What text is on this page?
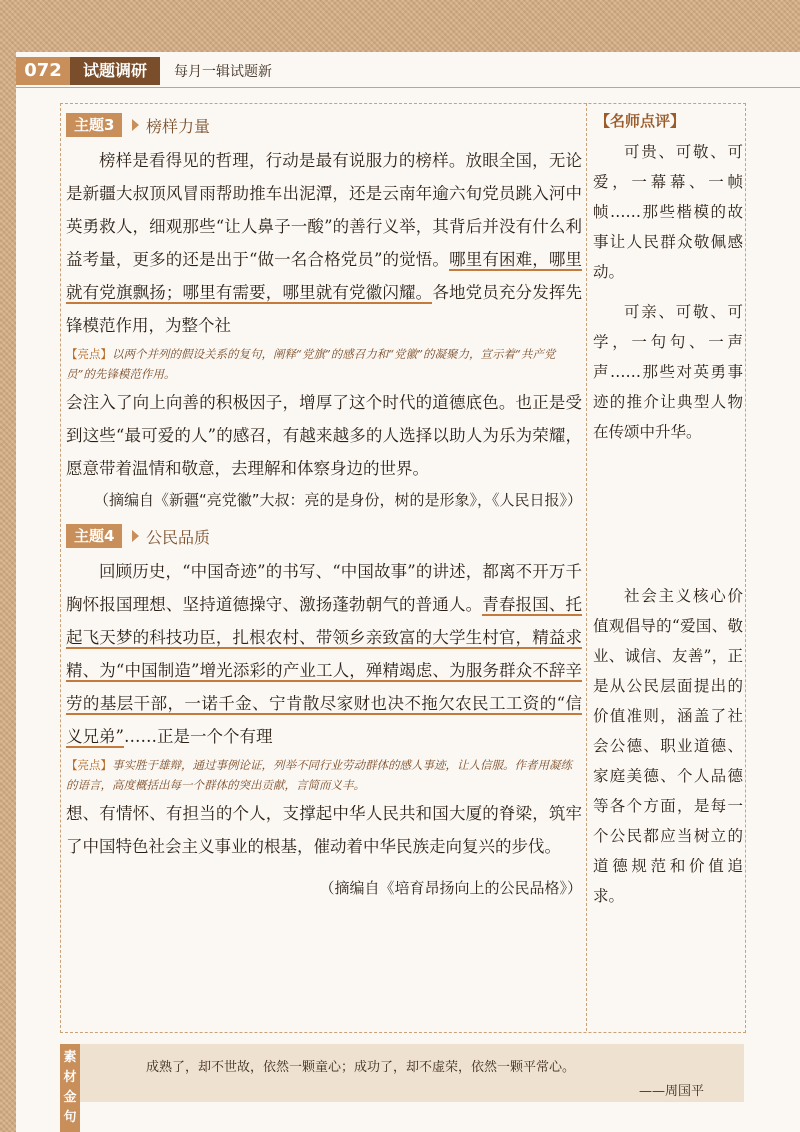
072	试题调研	每月一辑试题新
主题3	榜样力量

榜样是看得见的哲理，行动是最有说服力的榜样。放眼全国，无论是新疆大叔顶风冒雨帮助推车出泥潭，还是云南年逾六旬党员跳入河中英勇救人，细观那些“让人鼻子一酸”的善行义举，其背后并没有什么利益考量，更多的还是出于“做一名合格党员”的觉悟。哪里有困难，哪里就有党旗飘扬；哪里有需要，哪里就有党徽闪耀。各地党员充分发挥先锋模范作用，为整个社

【亮点】以两个并列的假设关系的复句，阐释“党旗”的感召力和“党徽”的凝聚力，宣示着“共产党员”的先锋模范作用。

会注入了向上向善的积极因子，增厚了这个时代的道德底色。也正是受到这些“最可爱的人”的感召，有越来越多的人选择以助人为乐为荣耀，愿意带着温情和敬意，去理解和体察身边的世界。

（摘编自《新疆“亮党徽”大叔：亮的是身份，树的是形象》，《人民日报》）

主题4	公民品质

回顾历史，“中国奇迹”的书写、“中国故事”的讲述，都离不开万千胸怀报国理想、坚持道德操守、激扬蓬勃朝气的普通人。青春报国、托起飞天梦的科技功臣，扎根农村、带领乡亲致富的大学生村官，精益求精、为“中国制造”增光添彩的产业工人，殚精竭虑、为服务群众不辞辛劳的基层干部，一诺千金、宁肯散尽家财也决不拖欠农民工工资的“信义兄弟”……正是一个个有理

【亮点】事实胜于雄辩，通过事例论证，列举不同行业劳动群体的感人事迹，让人信服。作者用凝练的语言，高度概括出每一个群体的突出贡献，言简而义丰。

想、有情怀、有担当的个人，支撑起中华人民共和国大厦的脊梁，筑牢了中国特色社会主义事业的根基，催动着中华民族走向复兴的步伐。

（摘编自《培育昂扬向上的公民品格》）

【名师点评】

可贵、可敬、可爱，一幕幕、一帧帧……那些楷模的故事让人民群众敬佩感动。

可亲、可敬、可学，一句句、一声声……那些对英勇事迹的推介让典型人物在传颂中升华。

社会主义核心价值观倡导的“爱国、敬业、诚信、友善”，正是从公民层面提出的价值准则，涵盖了社会公德、职业道德、家庭美德、个人品德等各个方面，是每一个公民都应当树立的道德规范和价值追求。

素材金句
成熟了，却不世故，依然一颗童心；成功了，却不虚荣，依然一颗平常心。
——周国平
